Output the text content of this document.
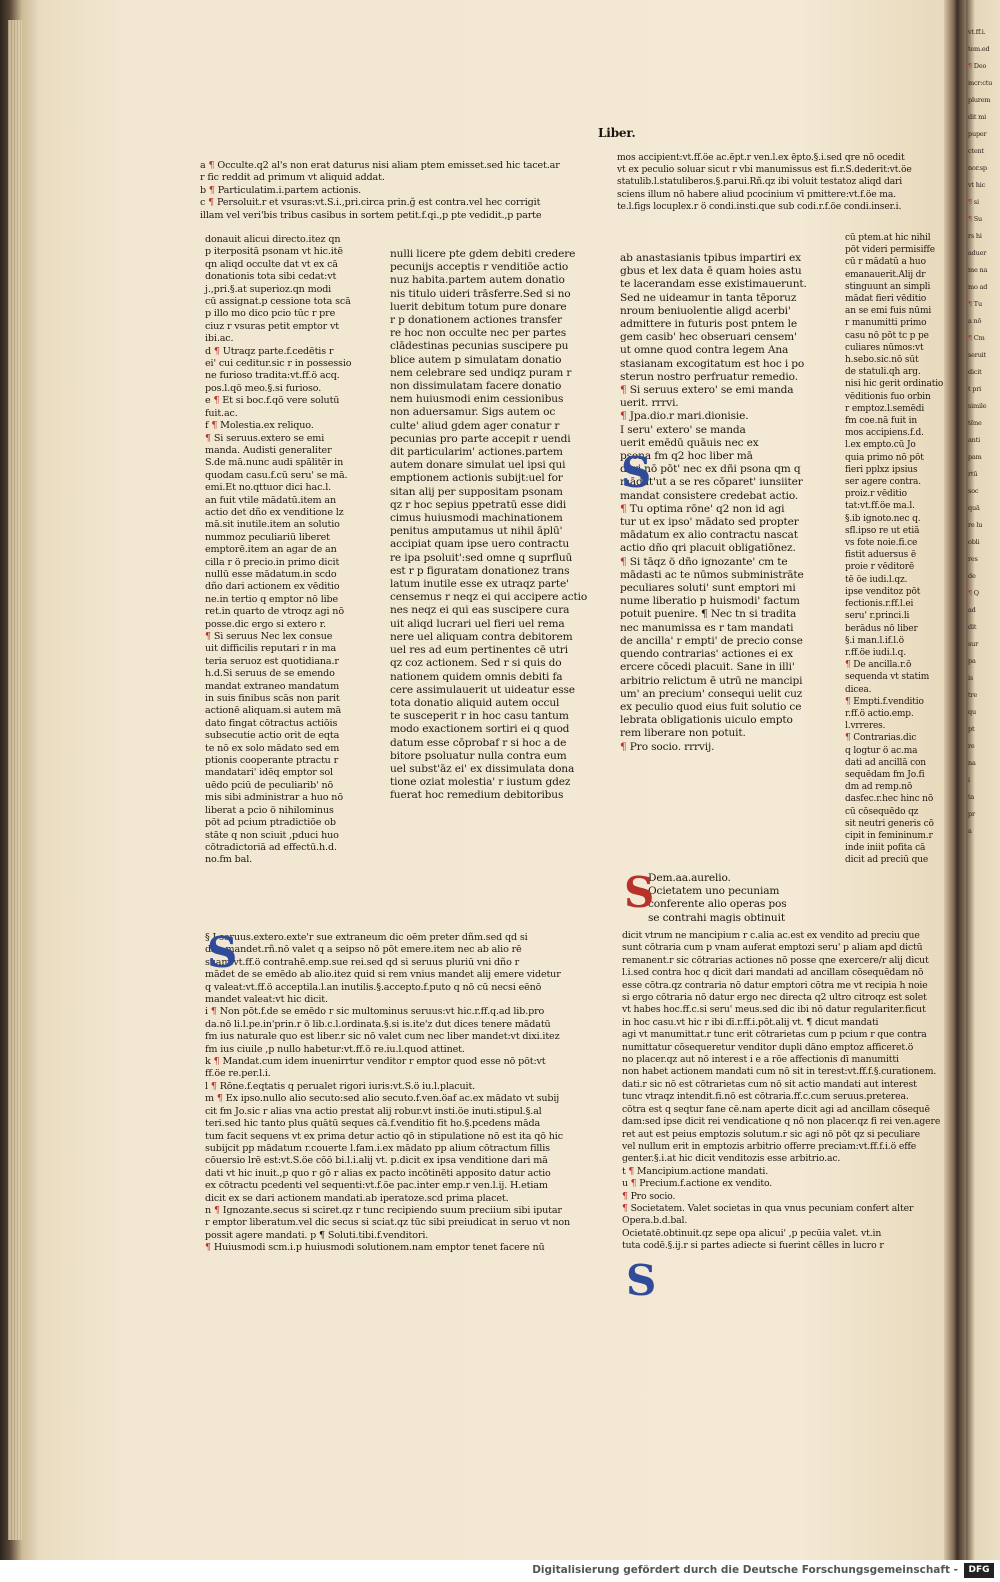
vt.ff.i.

tem.ed

¶ Deo

mcr:ctu

plurem

dit mi

puper

ctent

nor.sp

vt hic

¶ si

¶ Su

rs hi

aduer

me na

mo ad

¶ Tu

a nō

¶ Cm

seruit

dicit

t pri

simile

tēne

anti

pam

rtū

soc

quā

re lu

obli

res

de

¶ Q

ad

dit

sur

pa

is

tre

qu

pt

re

na

i

ta

pr

a

Liber.

a ¶ Occulte.q2 al's non erat daturus nisi aliam ptem emisset.sed hic tacet.ar

r fic reddit ad primum vt aliquid addat.

b ¶ Particulatim.i.partem actionis.

c ¶ Persoluit.r et vsuras:vt.S.i.,pri.circa prin.ğ est contra.vel hec corrigit

illam vel veri'bis tribus casibus in sortem petit.f.qi.,p pte vedidit.,p parte

donauit alicui directo.itez qn

p iterpositā psonam vt hic.itē

qn aliqd occulte dat vt ex cā

donationis tota sibi cedat:vt

j.,pri.§.at superioz.qn modi

cū assignat.p cessione tota scā

p illo mo dico pcio tūc r pre

ciuz r vsuras petit emptor vt

ibi.ac.

d ¶ Utraqz parte.f.cedētis r

ei' cui ceditur.sic r in possessio

ne furioso tradita:vt.ff.ö acq.

pos.l.qö meo.§.si furioso.

e ¶ Et si boc.f.qö vere solutū

fuit.ac.

f ¶ Molestia.ex reliquo.

¶ Si seruus.extero se emi

manda. Audisti generaliter

S.de mā.nunc audi spālitēr in

quodam casu.f.cū seru' se mā.

emi.Et no.qttuor dici hac.l.

an fuit vtile mādatū.item an

actio det dño ex venditione lz

mā.sit inutile.item an solutio

nummoz peculiariū liberet

emptorē.item an agar de an

cilla r ö precio.in primo dicit

nullū esse mādatum.in scdo

dño dari actionem ex vēditio

ne.in tertio q emptor nō libe

ret.in quarto de vtroqz agi nō

posse.dic ergo si extero r.

¶ Si seruus Nec lex consue

uit difficilis reputari r in ma

teria seruoz est quotidiana.r

h.d.Si seruus de se emendo

mandat extraneo mandatum

in suis finibus scās non parit

actionē aliquam.si autem mā

dato fingat cōtractus actiōis

subsecutie actio orit de eqta

te nō ex solo mādato sed em

ptionis cooperante ptractu r

mandatari' idēq emptor sol

uēdo pciū de peculiarib' nō

mis sibi administrar a huo nō

liberat a pcio ö nihilominus

pōt ad pcium ptradictiōe ob

stāte q non sciuit ,pduci huo

cōtradictoriā ad effectū.h.d.

no.fm bal.

nulli licere pte gdem debiti credere

pecunijs acceptis r venditiōe actio

nuz habita.partem autem donatio

nis titulo uideri trāsferre.Sed si no

luerit debitum totum pure donare

r p donationem actiones transfer

re hoc non occulte nec per partes

clādestinas pecunias suscipere pu

blice autem p simulatam donatio

nem celebrare sed undiqz puram r

non dissimulatam facere donatio

nem huiusmodi enim cessionibus

non aduersamur. Sigs autem oc

culte' aliud gdem ager conatur r

pecunias pro parte accepit r uendi

dit particularim' actiones.partem

autem donare simulat uel ipsi qui

emptionem actionis subijt:uel for

sitan alij per suppositam psonam

qz r hoc sepius ppetratū esse didi

cimus huiusmodi machinationem

penitus amputamus ut nihil āplū'

accipiat quam ipse uero contractu

re ipa psoluit':sed omne q suprfluū

est r p figuratam donationez trans

latum inutile esse ex utraqz parte'

censemus r neqz ei qui accipere actio

nes neqz ei qui eas suscipere cura

uit aliqd lucrari uel fieri uel rema

nere uel aliquam contra debitorem

uel res ad eum pertinentes cē utri

qz coz actionem. Sed r si quis do

nationem quidem omnis debiti fa

cere assimulauerit ut uideatur esse

tota donatio aliquid autem occul

te susceperit r in hoc casu tantum

modo exactionem sortiri ei q quod

datum esse cōprobaf r si hoc a de

bitore psoluatur nulla contra eum

uel subst'āz ei' ex dissimulata dona

tione oziat molestia' r iustum gdez

fuerat hoc remedium debitoribus

§ I seruus.extero.exte'r sue extraneum dic oēm preter dñm.sed qd si

dño mandet.rñ.nō valet q a seipso nō pōt emere.item nec ab alio rē

suam:vt.ff.ö contrahē.emp.sue rei.sed qd si seruus pluriū vni dño r

mādet de se emēdo ab alio.itez quid si rem vnius mandet alij emere videtur

q valeat:vt.ff.ö acceptila.l.an inutilis.§.accepto.f.puto q nō cū necsi eēnō

mandet valeat:vt hic dicit.

i ¶ Non pōt.f.de se emēdo r sic multominus seruus:vt hic.r.ff.q.ad lib.pro

da.nō li.l.pe.in'prin.r ö lib.c.l.ordinata.§.si is.ite'z dut dices tenere mādatū

fm ius naturale quo est liber.r sic nō valet cum nec liber mandet:vt dixi.itez

fm ius ciuile ,p nullo habetur:vt.ff.ö re.iu.l.quod attinet.

k ¶ Mandat.cum idem inuenirrtur venditor r emptor quod esse nō pōt:vt

ff.öe re.per.l.i.

l ¶ Rōne.f.eqtatis q perualet rigori iuris:vt.S.ö iu.l.placuit.

m ¶ Ex ipso.nullo alio secuto:sed alio secuto.f.ven.öaf ac.ex mādato vt subij

cit fm Jo.sic r alias vna actio prestat alij robur.vt insti.öe inuti.stipul.§.al

teri.sed hic tanto plus quātū seques cā.f.venditio fit ho.§.pcedens māda

tum facit sequens vt ex prima detur actio qō in stipulatione nō est ita qō hic

subijcit pp mādatum r.couerte l.fam.i.ex mādato pp alium cōtractum fillis

cōuersio lrē est:vt.S.öe cōō bi.l.i.alij vt. p.dicit ex ipsa venditione dari mā

dati vt hic inuit.,p quo r gō r alias ex pacto incōtinēti apposito datur actio

ex cōtractu pcedenti vel sequenti:vt.f.öe pac.inter emp.r ven.l.ij. H.etiam

dicit ex se dari actionem mandati.ab iperatoze.scd prima placet.

n ¶ Ignozante.secus si sciret.qz r tunc recipiendo suum preciium sibi iputar

r emptor liberatum.vel dic secus si sciat.qz tūc sibi preiudicat in seruo vt non

possit agere mandati. p ¶ Soluti.tibi.f.venditori.

¶ Huiusmodi scm.i.p huiusmodi solutionem.nam emptor tenet facere nū

mos accipient:vt.ff.öe ac.ēpt.r ven.l.ex ēpto.§.i.sed qre nō ocedit

vt ex peculio soluar sicut r vbi manumissus est fi.r.S.dederit:vt.öe

statulib.l.statuliberos.§.parui.Rñ.qz ibi voluit testatoz aliqd dari

sciens illum nō habere aliud pcocinium vī pmittere:vt.f.öe ma.

te.l.figs locuplex.r ö condi.insti.que sub codi.r.f.öe condi.inser.i.

ab anastasianis tpibus impartiri ex

gbus et lex data ē quam hoies astu

te lacerandam esse existimauerunt.

Sed ne uideamur in tanta tēporuz

nroum beniuolentie aligd acerbi'

admittere in futuris post pntem le

gem casib' hec obseruari censem'

ut omne quod contra legem Ana

stasianam excogitatum est hoc i po

sterun nostro perfruatur remedio.

¶ Si seruus extero' se emi manda

uerit. rrrvi.

¶ Jpa.dio.r mari.dionisie.

I seru' extero' se manda

uerit emēdū quāuis nec ex

psona fm q2 hoc liber mā

dari nō pōt' nec ex dñi psona qm q

mādat'ut a se res cōparet' iunsiiter

mandat consistere credebat actio.

¶ Tu optima rōne' q2 non id agi

tur ut ex ipso' mādato sed propter

mādatum ex alio contractu nascat

actio dño qri placuit obligatiōnez.

¶ Si tāqz ö dño ignozante' cm te

mādasti ac te nūmos subministrāte

peculiares soluti' sunt emptori mi

nume liberatio p huismodi' factum

potuit puenire. ¶ Nec tn si tradita

nec manumissa es r tam mandati

de ancilla' r empti' de precio conse

quendo contrarias' actiones ei ex

ercere cōcedi placuit. Sane in illi'

arbitrio relictum ē utrū ne mancipi

um' an precium' consequi uelit cuz

ex peculio quod eius fuit solutio ce

lebrata obligationis uiculo empto

rem liberare non potuit.

¶ Pro socio. rrrvij.

cū ptem.at hic nihil

pōt videri permisiffe

cū r mādatū a huo

emanauerit.Alij dr

stinguunt an simpli

mādat fieri vēditio

an se emi fuis nūmi

r manumitti primo

casu nō pōt tc p pe

culiares nūmos:vt

h.sebo.sic.nō sūt

de statuli.qh arg.

nisi hic gerit ordinatio

vēditionis fuo orbin

r emptoz.l.semēdi

fm coe.nā fuit in

mos accipiens.f.d.

l.ex empto.cū Jo

quia primo nō pōt

fieri pplxz ipsius

ser agere contra.

proiz.r vēditio

tat:vt.ff.öe ma.l.

§.ib ignoto.nec q.

sfl.ipso re ut etiā

vs fote noie.fi.ce

fistit aduersus ē

proie r vēditorē

tē öe iudi.l.qz.

ipse venditoz pōt

fectionis.r.ff.l.ei

seru' r.princi.li

berādus nō liber

§.i man.l.if.l.ö

r.ff.öe iudi.l.q.

¶ De ancilla.r.ō

sequenda vt statim

dicea.

¶ Empti.f.venditio

r.ff.ö actio.emp.

l.vrreres.

¶ Contrarias.dic

q logtur ö ac.ma

dati ad ancillā con

sequēdam fm Jo.fi

dm ad remp.nō

dasfec.r.hec hinc nō

cū cōsequēdo qz

sit neutri generis cō

cipit in femininum.r

inde iniit pofita cā

dicit ad preciū que

Dem.aa.aurelio.

Ocietatem uno pecuniam

conferente alio operas pos

se contrahi magis obtinuit

dicit vtrum ne mancipium r c.alia ac.est ex vendito ad preciu que

sunt cōtraria cum p vnam auferat emptozi seru' p aliam apd dictū

remanent.r sic cōtrarias actiones nō posse qne exercere/r alij dicut

l.i.sed contra hoc q dicit dari mandati ad ancillam cōsequēdam nō

esse cōtra.qz contraria nō datur emptori cōtra me vt recipia h noie

si ergo cōtraria nō datur ergo nec directa q2 ultro citroqz est solet

vt habes hoc.ff.c.si seru' meus.sed dic ibi nō datur regulariter.ficut

in hoc casu.vt hic r ibi dī.r.ff.i.pōt.alij vt. ¶ dicut mandati

agi vt manumittat.r tunc erit cōtrarietas cum p pcium r que contra

numittatur cōsequeretur venditor dupli dāno emptoz afficeret.ö

no placer.qz aut nō interest i e a rōe affectionis dī manumitti

non habet actionem mandati cum nō sit in terest:vt.ff.f.§.curationem.

dati.r sic nō est cōtrarietas cum nō sit actio mandati aut interest

tunc vtraqz intendit.fi.nō est cōtraria.ff.c.cum seruus.preterea.

cōtra est q seqtur fane cē.nam aperte dicit agi ad ancillam cōsequē

dam:sed ipse dicit rei vendicatione q nō non placer.qz fi rei ven.agere

ret aut est peius emptozis solutum.r sic agi nō pōt qz si peculiare

vel nullum erit in emptozis arbitrio offerre preciam:vt.ff.f.i.ö effe

genter.§.i.at hic dicit venditozis esse arbitrio.ac.

t ¶ Mancipium.actione mandati.

u ¶ Precium.f.actione ex vendito.

¶ Pro socio.

¶ Societatem. Valet societas in qua vnus pecuniam confert alter

Opera.b.d.bal.

Ocietatē.obtinuit.qz sepe opa alicui' ,p pecūia valet. vt.in

tuta codē.§.ij.r si partes adiecte si fuerint cēlles in lucro r

S
S
S
S
Digitalisierung gefördert durch die Deutsche Forschungsgemeinschaft -	DFG
